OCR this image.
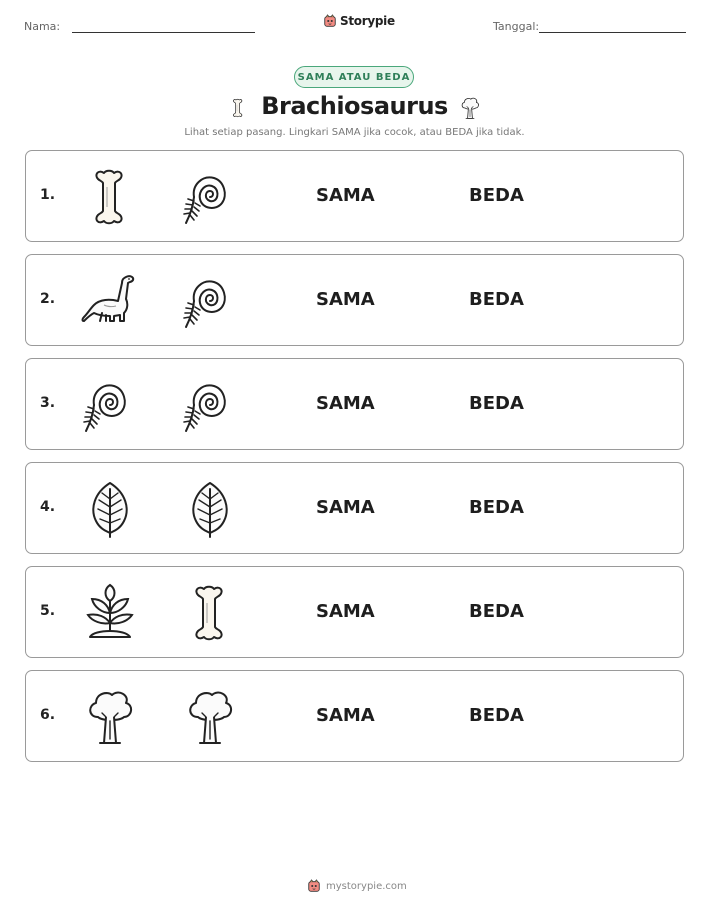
Nama:	Storypie	Tanggal:
SAMA ATAU BEDA
Brachiosaurus
Lihat setiap pasang. Lingkari SAMA jika cocok, atau BEDA jika tidak.
1.	SAMA	BEDA
2.	SAMA	BEDA
3.	SAMA	BEDA
4.	SAMA	BEDA
5.	SAMA	BEDA
6.	SAMA	BEDA
mystorypie.com
